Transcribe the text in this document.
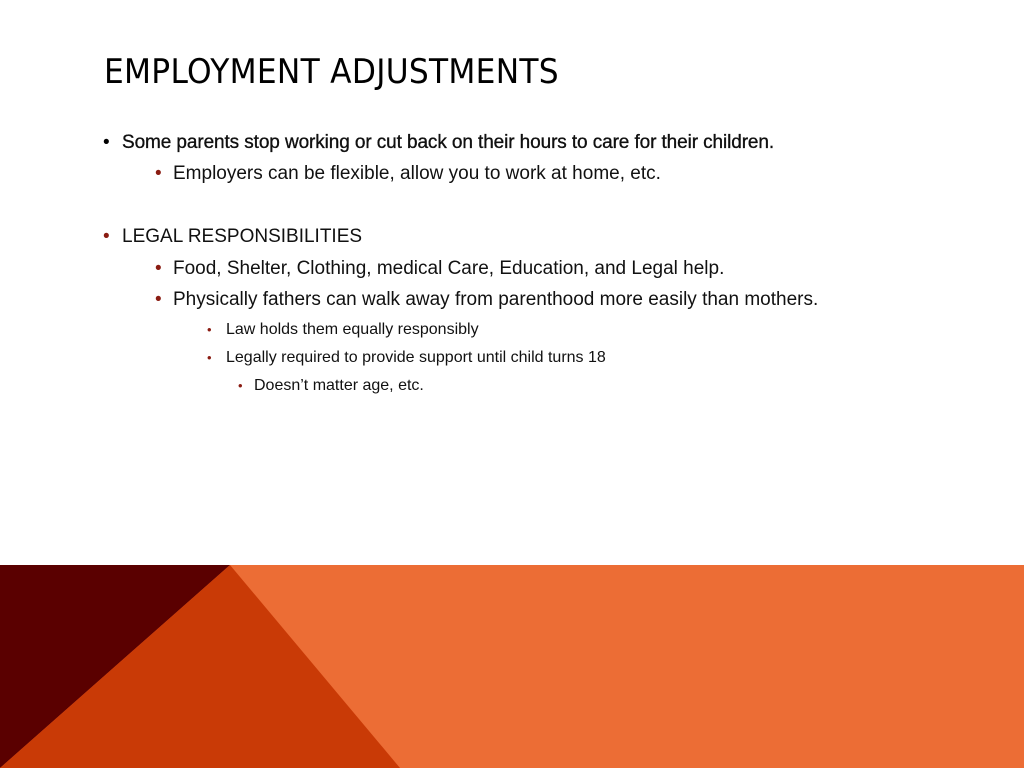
EMPLOYMENT ADJUSTMENTS
• Some parents stop working or cut back on their hours to care for their children.
• Employers can be flexible, allow you to work at home, etc.
• LEGAL RESPONSIBILITIES
• Food, Shelter, Clothing, medical Care, Education, and Legal help.
• Physically fathers can walk away from parenthood more easily than mothers.
• Law holds them equally responsibly
• Legally required to provide support until child turns 18
• Doesn’t matter age, etc.
